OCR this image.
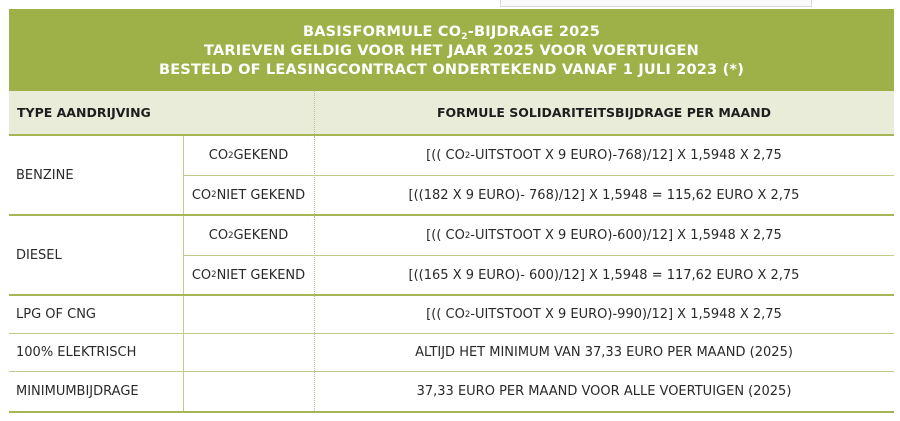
BASISFORMULE $CO_2$-BIJDRAGE 2025
TARIEVEN GELDIG VOOR HET JAAR 2025 VOOR VOERTUIGEN
BESTELD OF LEASINGCONTRACT ONDERTEKEND VANAF 1 JULI 2023 (*)
TYPE AANDRIJVING	FORMULE SOLIDARITEITSBIJDRAGE PER MAAND
BENZINE
CO 2 GEKEND	[(( CO 2 -UITSTOOT X 9 EURO)-768)/12] X 1,5948 X 2,75
CO 2 NIET GEKEND	[((182 X 9 EURO)- 768)/12] X 1,5948 = 115,62 EURO X 2,75
DIESEL
CO 2 GEKEND	[(( CO 2 -UITSTOOT X 9 EURO)-600)/12] X 1,5948 X 2,75
CO 2 NIET GEKEND	[((165 X 9 EURO)- 600)/12] X 1,5948 = 117,62 EURO X 2,75
LPG OF CNG	[(( CO 2 -UITSTOOT X 9 EURO)-990)/12] X 1,5948 X 2,75
100% ELEKTRISCH	ALTIJD HET MINIMUM VAN 37,33 EURO PER MAAND (2025)
MINIMUMBIJDRAGE	37,33 EURO PER MAAND VOOR ALLE VOERTUIGEN (2025)
